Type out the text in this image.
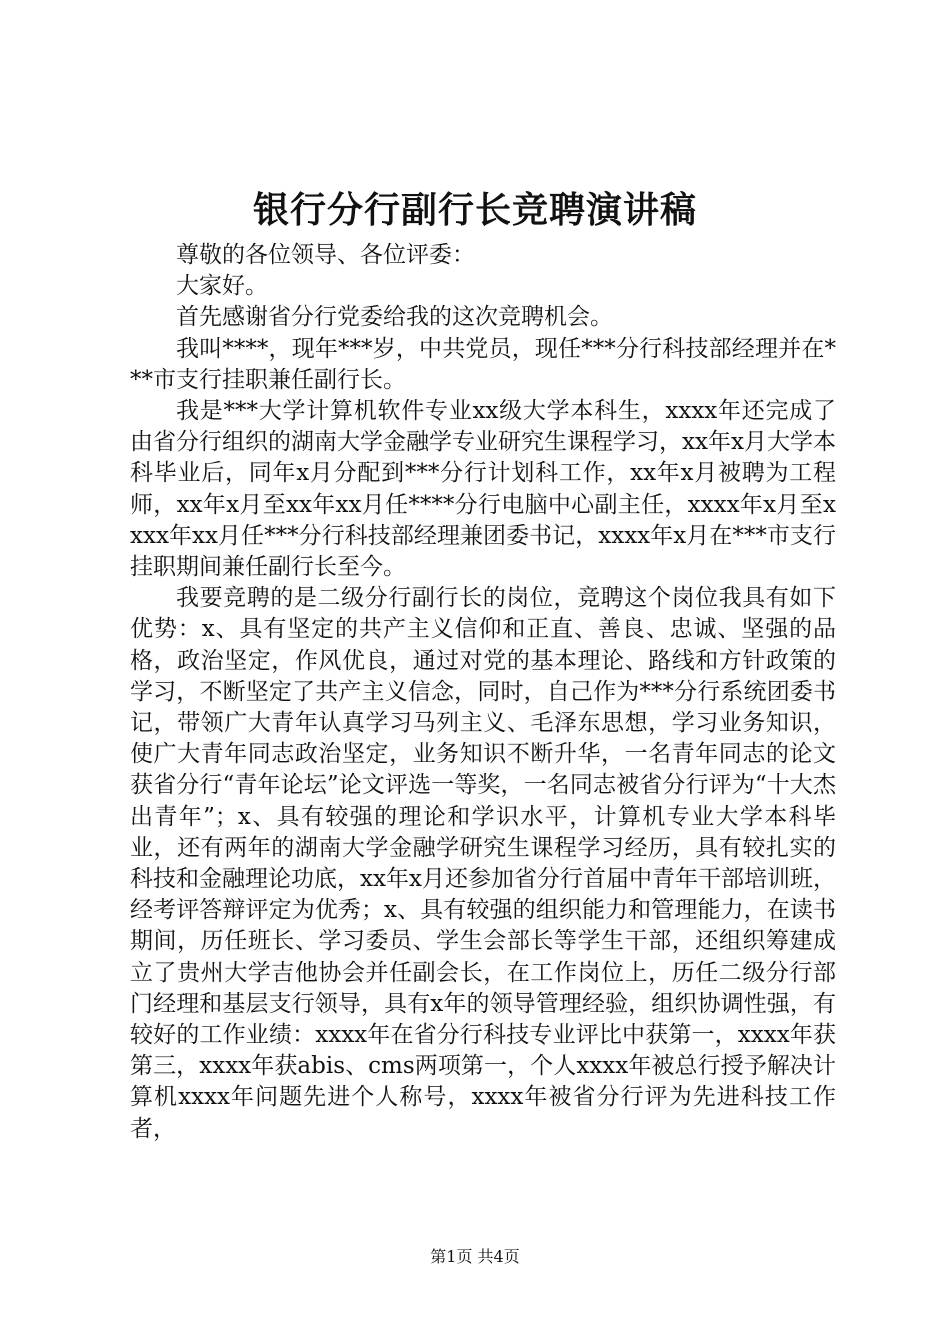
银行分行副行长竞聘演讲稿

尊敬的各位领导、各位评委：

大家好。

首先感谢省分行党委给我的这次竞聘机会。

我叫****，现年***岁，中共党员，现任***分行科技部经理并在***市支行挂职兼任副行长。

我是***大学计算机软件专业xx级大学本科生，xxxx年还完成了由省分行组织的湖南大学金融学专业研究生课程学习，xx年x月大学本科毕业后，同年x月分配到***分行计划科工作，xx年x月被聘为工程师，xx年x月至xx年xx月任****分行电脑中心副主任，xxxx年x月至xxxx年xx月任***分行科技部经理兼团委书记，xxxx年x月在***市支行挂职期间兼任副行长至今。

我要竞聘的是二级分行副行长的岗位，竞聘这个岗位我具有如下优势：x、具有坚定的共产主义信仰和正直、善良、忠诚、坚强的品格，政治坚定，作风优良，通过对党的基本理论、路线和方针政策的学习，不断坚定了共产主义信念，同时，自己作为***分行系统团委书记，带领广大青年认真学习马列主义、毛泽东思想，学习业务知识，使广大青年同志政治坚定，业务知识不断升华，一名青年同志的论文获省分行“青年论坛”论文评选一等奖，一名同志被省分行评为“十大杰出青年”；x、具有较强的理论和学识水平，计算机专业大学本科毕业，还有两年的湖南大学金融学研究生课程学习经历，具有较扎实的科技和金融理论功底，xx年x月还参加省分行首届中青年干部培训班，经考评答辩评定为优秀；x、具有较强的组织能力和管理能力，在读书期间，历任班长、学习委员、学生会部长等学生干部，还组织筹建成立了贵州大学吉他协会并任副会长，在工作岗位上，历任二级分行部门经理和基层支行领导，具有x年的领导管理经验，组织协调性强，有较好的工作业绩：xxxx年在省分行科技专业评比中获第一，xxxx年获第三，xxxx年获abis、cms两项第一，个人xxxx年被总行授予解决计算机xxxx年问题先进个人称号，xxxx年被省分行评为先进科技工作者，

第1页 共4页
